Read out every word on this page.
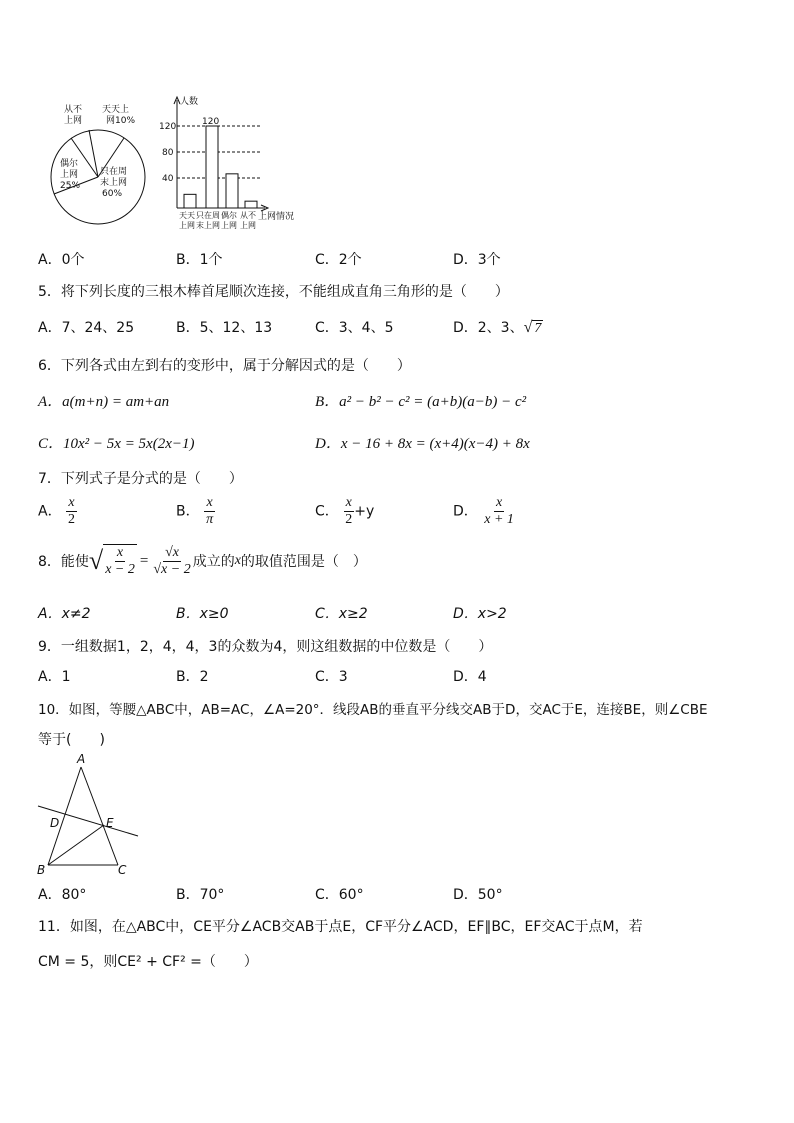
从不上网
天天上网10%
偶尔上网 25%
只在周末上网 60%
人数
120
80
40
120
天天上网
只在周末上网
偶尔上网
从不上网
上网情况
A．0个	B．1个	C．2个	D．3个
5．将下列长度的三根木棒首尾顺次连接，不能组成直角三角形的是（　　）
A．7、24、25	B．5、12、13	C．3、4、5	D．2、3、√ 7
6．下列各式由左到右的变形中，属于分解因式的是（　　）
A．a(m+n) = am+an	B．a² − b² − c² = (a+b)(a−b) − c²
C．10x² − 5x = 5x(2x−1)	D．x − 16 + 8x = (x+4)(x−4) + 8x
7．下列式子是分式的是（　　）
A． $\frac{x}{2}$	B． $\frac{x}{\pi}$	C． $\frac{x}{2} +y$	D． $\frac{x}{x + 1}$
8．能使 √ $\frac{x}{x - 2} = \frac{√x}{√x - 2}$ 成立的 x 的取值范围是（　）
A．x≠2	B．x≥0	C．x≥2	D．x>2
9．一组数据1，2，4，4，3的众数为4，则这组数据的中位数是（　　）
A．1	B．2	C．3	D．4
10．如图，等腰△ABC中，AB=AC，∠A=20°．线段AB的垂直平分线交AB于D，交AC于E，连接BE，则∠CBE
等于(　　)
A
D	E
B	C
A．80°	B．70°	C．60°	D．50°
11．如图，在△ABC中，CE平分∠ACB交AB于点E，CF平分∠ACD，EF∥BC，EF交AC于点M，若
CM = 5，则CE² + CF² =（　　）
